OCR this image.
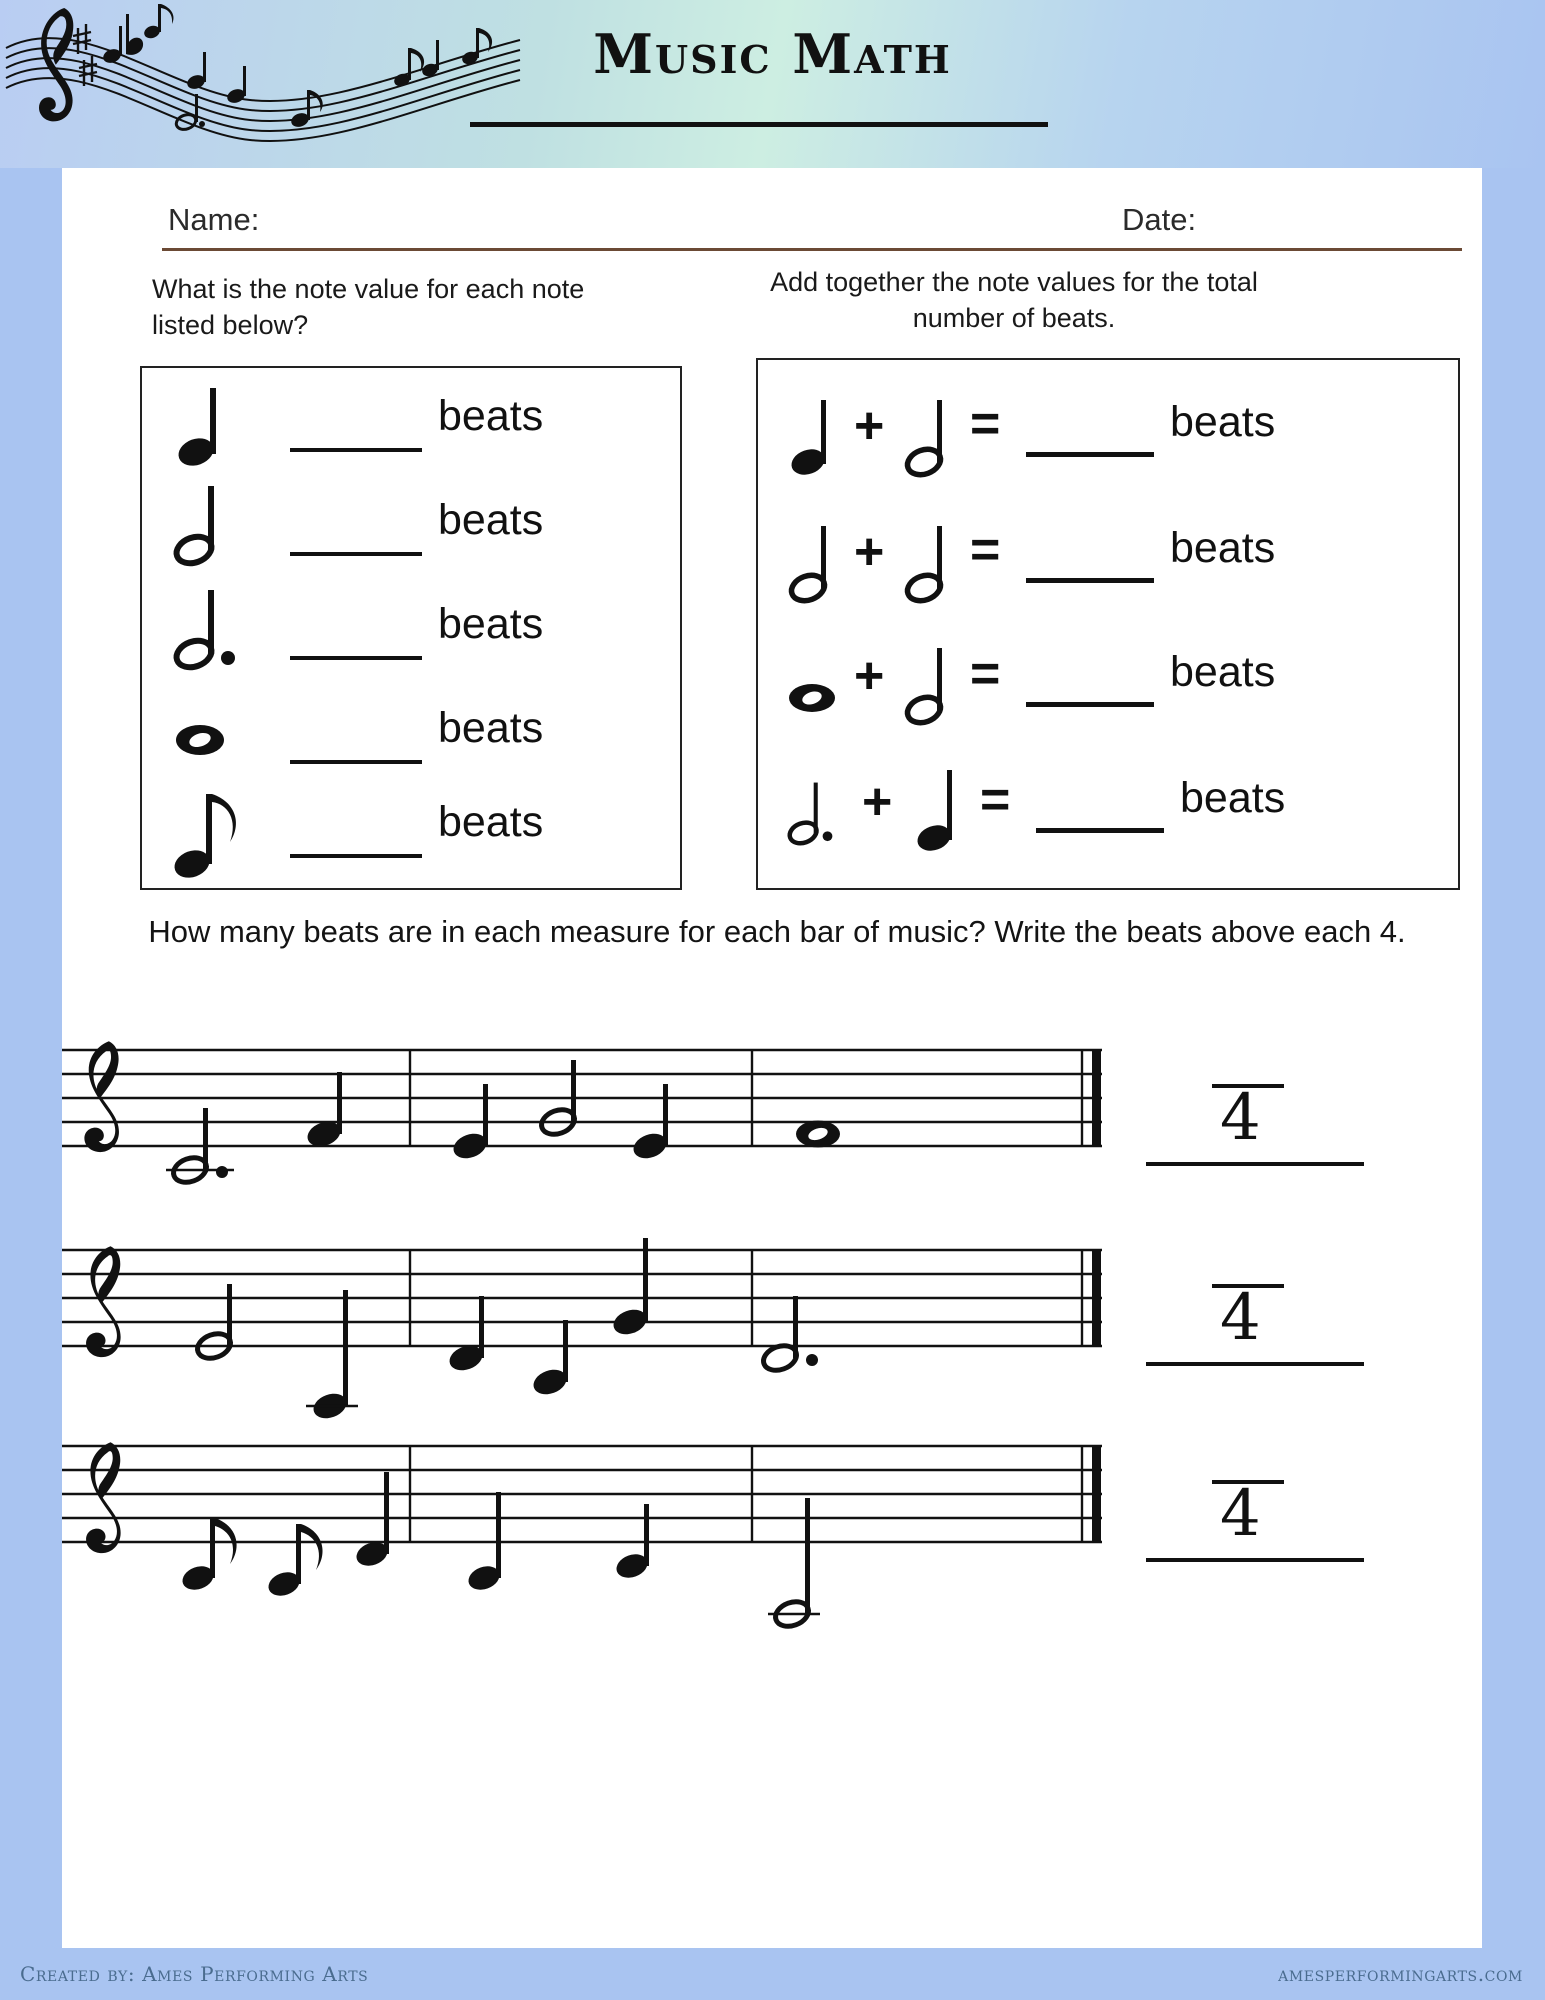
Music Math
Name:	Date:
What is the note value for each note listed below?
Add together the note values for the total number of beats.
beats
beats
beats
beats
beats
+ =	beats
+ =	beats
+ =	beats
+ =	beats
How many beats are in each measure for each bar of music? Write the beats above each 4.
4
4
4
Created by: Ames Performing Arts	amesperformingarts.com
